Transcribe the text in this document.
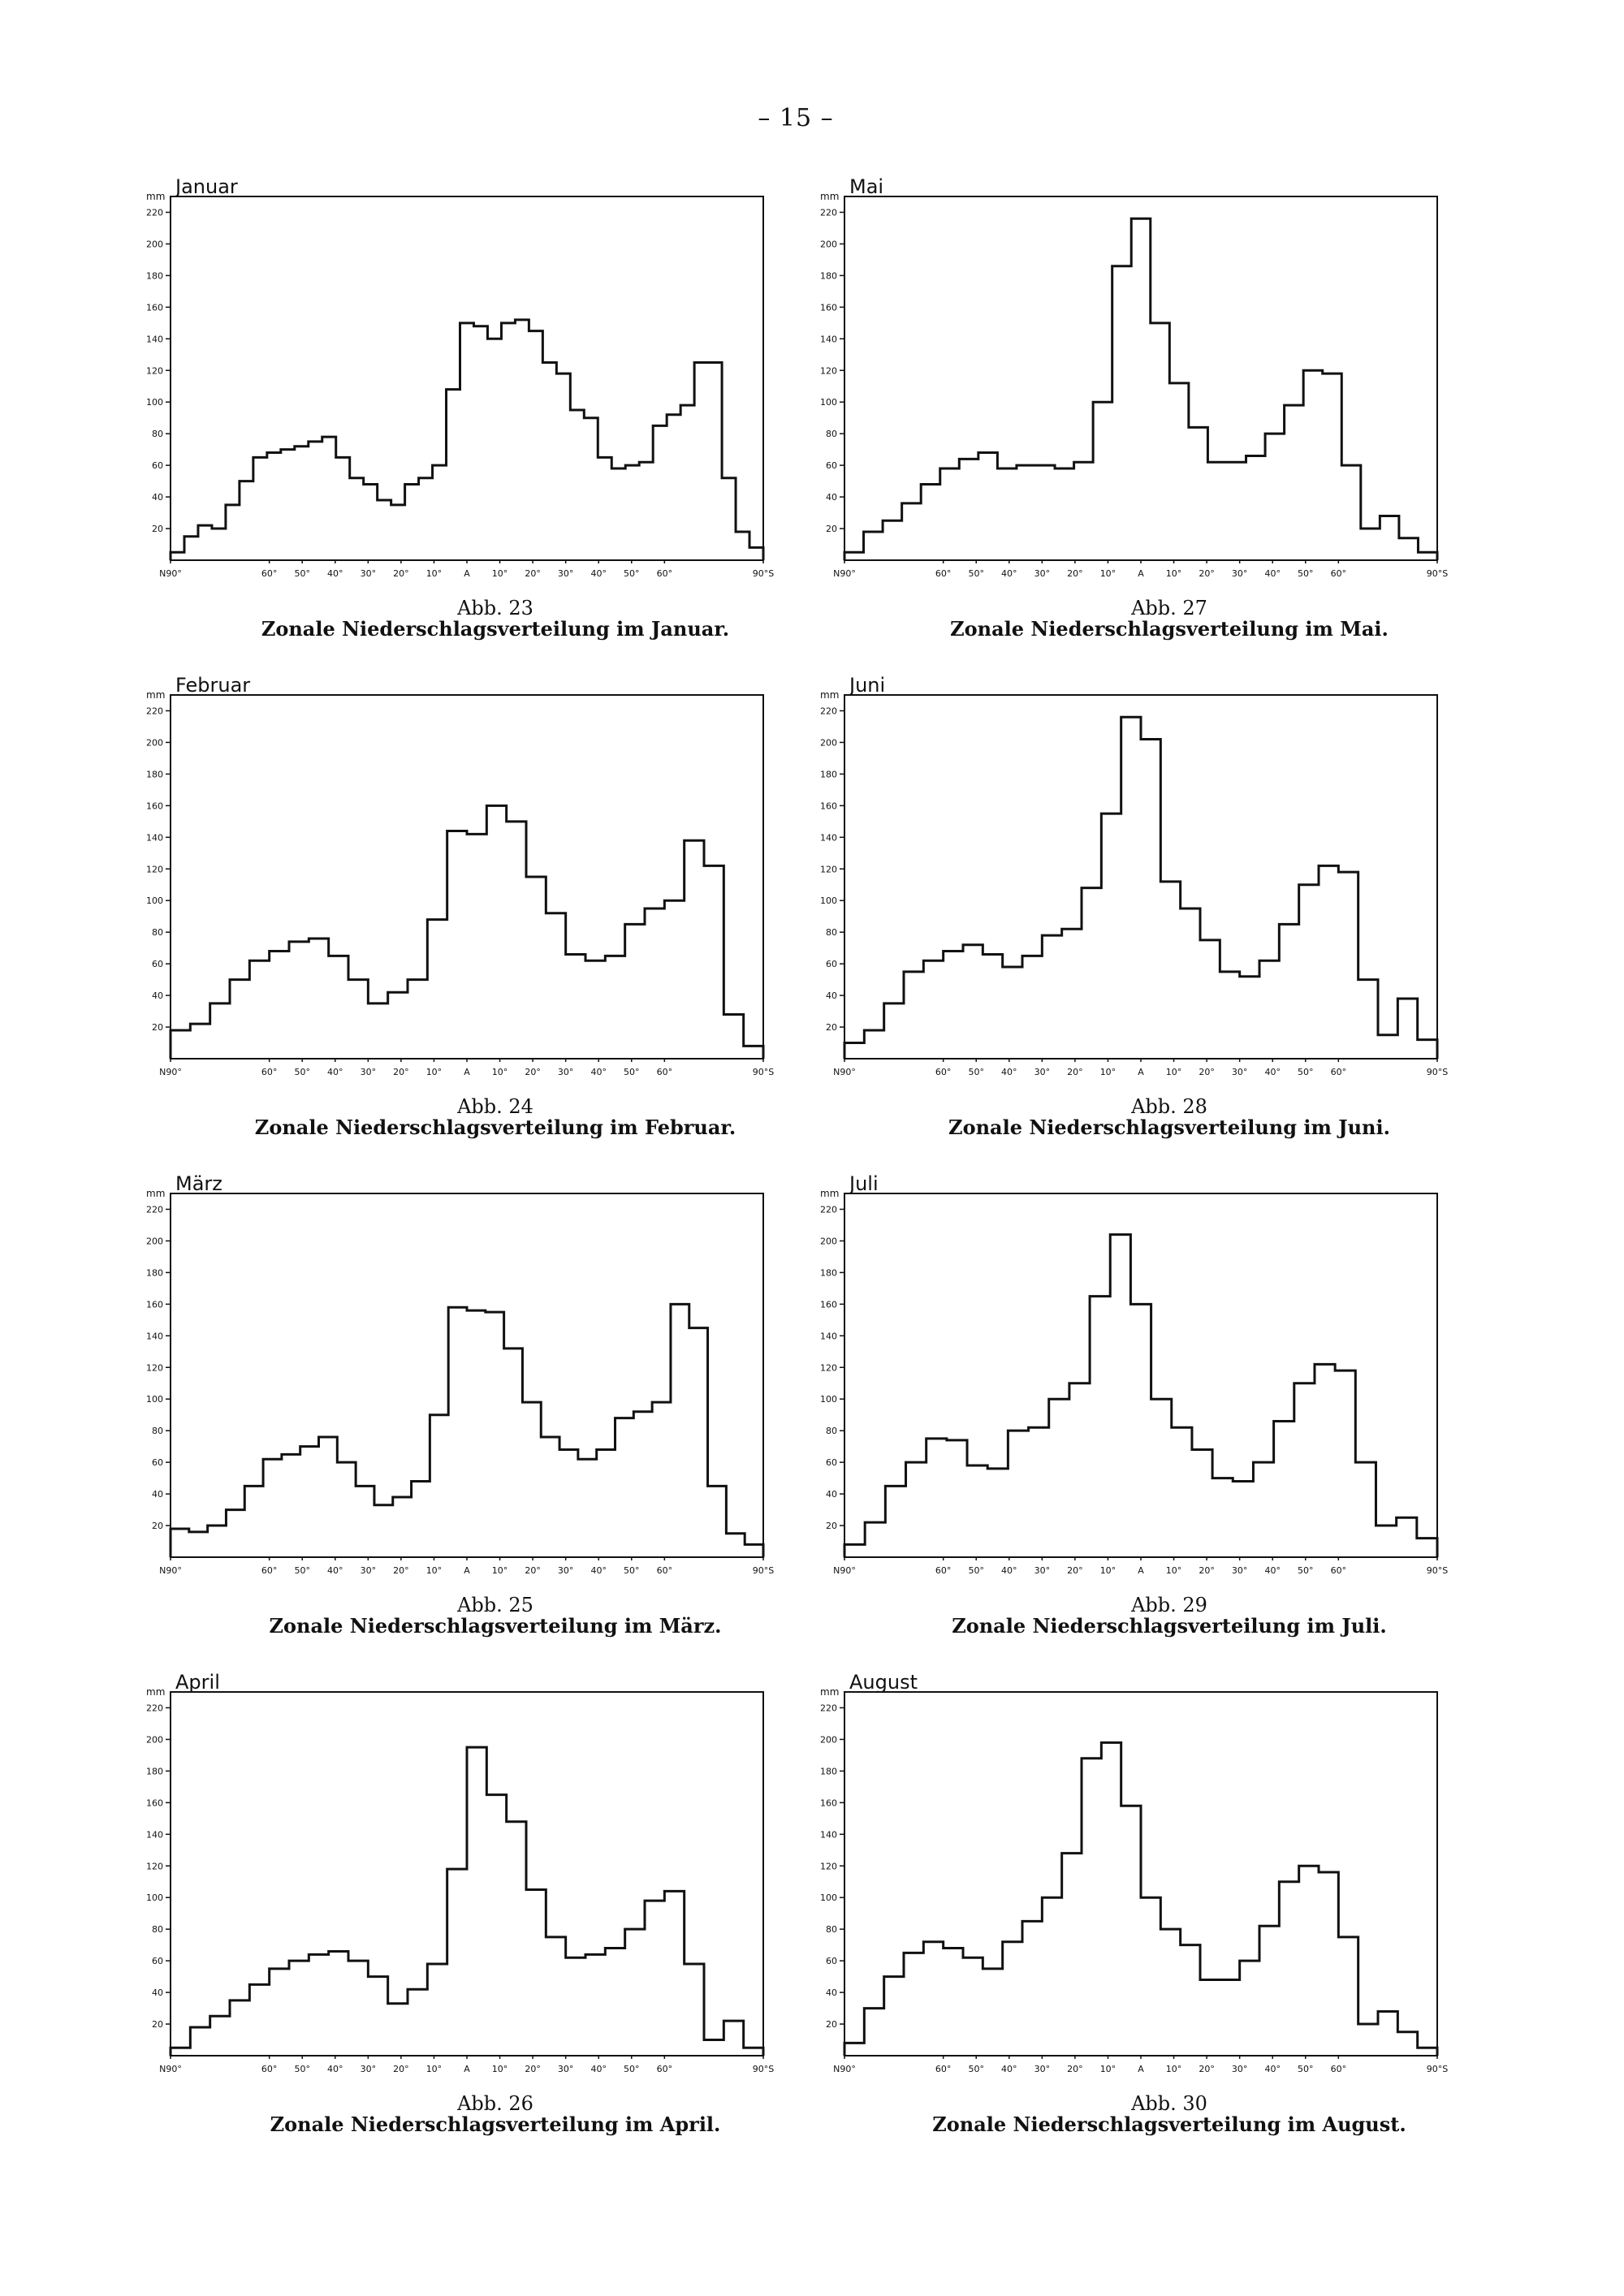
– 15 –
mm Januar
20
40
60
80
100
120
140
160
180
200
220
N90°	60° 50° 40° 30° 20° 10° A 10° 20° 30° 40° 50° 60°	90°S
Abb. 23
Zonale Niederschlagsverteilung im Januar.
mm Mai
20
40
60
80
100
120
140
160
180
200
220
N90°	60° 50° 40° 30° 20° 10° A 10° 20° 30° 40° 50° 60°	90°S
Abb. 27
Zonale Niederschlagsverteilung im Mai.
mm Februar
20
40
60
80
100
120
140
160
180
200
220
N90°	60° 50° 40° 30° 20° 10° A 10° 20° 30° 40° 50° 60°	90°S
Abb. 24
Zonale Niederschlagsverteilung im Februar.
mm Juni
20
40
60
80
100
120
140
160
180
200
220
N90°	60° 50° 40° 30° 20° 10° A 10° 20° 30° 40° 50° 60°	90°S
Abb. 28
Zonale Niederschlagsverteilung im Juni.
mm März
20
40
60
80
100
120
140
160
180
200
220
N90°	60° 50° 40° 30° 20° 10° A 10° 20° 30° 40° 50° 60°	90°S
Abb. 25
Zonale Niederschlagsverteilung im März.
mm Juli
20
40
60
80
100
120
140
160
180
200
220
N90°	60° 50° 40° 30° 20° 10° A 10° 20° 30° 40° 50° 60°	90°S
Abb. 29
Zonale Niederschlagsverteilung im Juli.
mm April
20
40
60
80
100
120
140
160
180
200
220
N90°	60° 50° 40° 30° 20° 10° A 10° 20° 30° 40° 50° 60°	90°S
Abb. 26
Zonale Niederschlagsverteilung im April.
mm August
20
40
60
80
100
120
140
160
180
200
220
N90°	60° 50° 40° 30° 20° 10° A 10° 20° 30° 40° 50° 60°	90°S
Abb. 30
Zonale Niederschlagsverteilung im August.
